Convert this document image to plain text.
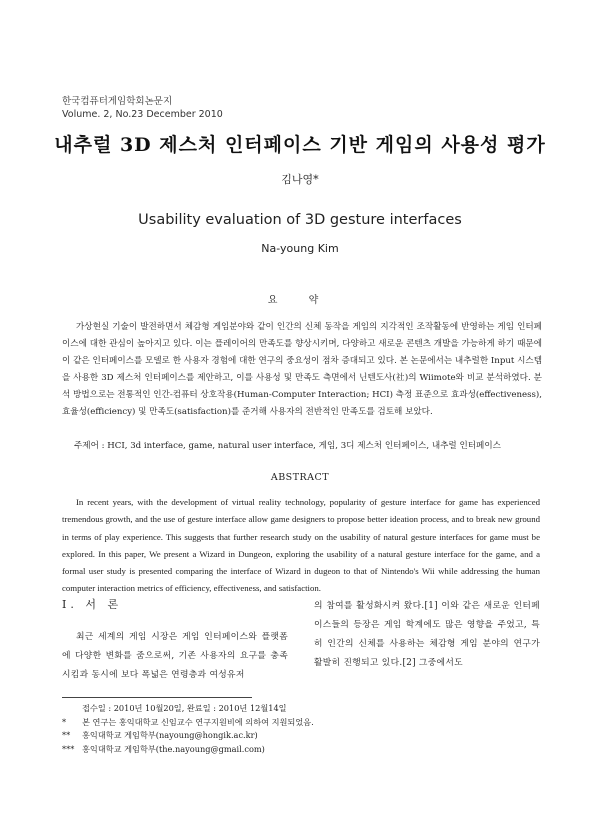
한국컴퓨터게임학회논문지
Volume. 2, No.23 December 2010
내추럴 3D 제스처 인터페이스 기반 게임의 사용성 평가
김나영*
Usability evaluation of 3D gesture interfaces
Na-young Kim
요 약

가상현실 기술이 발전하면서 체감형 게임분야와 같이 인간의 신체 동작을 게임의 지각적인 조작활동에 반영하는 게임 인터페이스에 대한 관심이 높아지고 있다. 이는 플레이어의 만족도를 향상시키며, 다양하고 새로운 콘텐츠 개발을 가능하게 하기 때문에 이 같은 인터페이스를 모델로 한 사용자 경험에 대한 연구의 중요성이 점차 증대되고 있다. 본 논문에서는 내추럴한 Input 시스템을 사용한 3D 제스처 인터페이스를 제안하고, 이를 사용성 및 만족도 측면에서 닌텐도사(社)의 Wiimote와 비교 분석하였다. 분석 방법으로는 전통적인 인간-컴퓨터 상호작용(Human-Computer Interaction; HCI) 측정 표준으로 효과성(effectiveness), 효율성(efficiency) 및 만족도(satisfaction)를 준거해 사용자의 전반적인 만족도를 검토해 보았다.

주제어 : HCI, 3d interface, game, natural user interface, 게임, 3디 제스처 인터페이스, 내추럴 인터페이스
ABSTRACT

In recent years, with the development of virtual reality technology, popularity of gesture interface for game has experienced tremendous growth, and the use of gesture interface allow game designers to propose better ideation process, and to break new ground in terms of play experience. This suggests that further research study on the usability of natural gesture interfaces for game must be explored. In this paper, We present a Wizard in Dungeon, exploring the usability of a natural gesture interface for the game, and a formal user study is presented comparing the interface of Wizard in dugeon to that of Nintendo's Wii while addressing the human computer interaction metrics of efficiency, effectiveness, and satisfaction.

Ⅰ. 서 론

최근 세계의 게임 시장은 게임 인터페이스와 플랫폼에 다양한 변화를 줌으로써, 기존 사용자의 요구를 충족시킴과 동시에 보다 폭넓은 연령층과 여성유저

의 참여를 활성화시켜 왔다.[1] 이와 같은 새로운 인터페이스들의 등장은 게임 학계에도 많은 영향을 주었고, 특히 인간의 신체를 사용하는 체감형 게임 분야의 연구가 활발히 진행되고 있다.[2] 그중에서도

접수일 : 2010년 10월20일, 완료일 : 2010년 12월14일
* 본 연구는 홍익대학교 신임교수 연구지원비에 의하여 지원되었음.
** 홍익대학교 게임학부(nayoung@hongik.ac.kr)
*** 홍익대학교 게임학부(the.nayoung@gmail.com)
